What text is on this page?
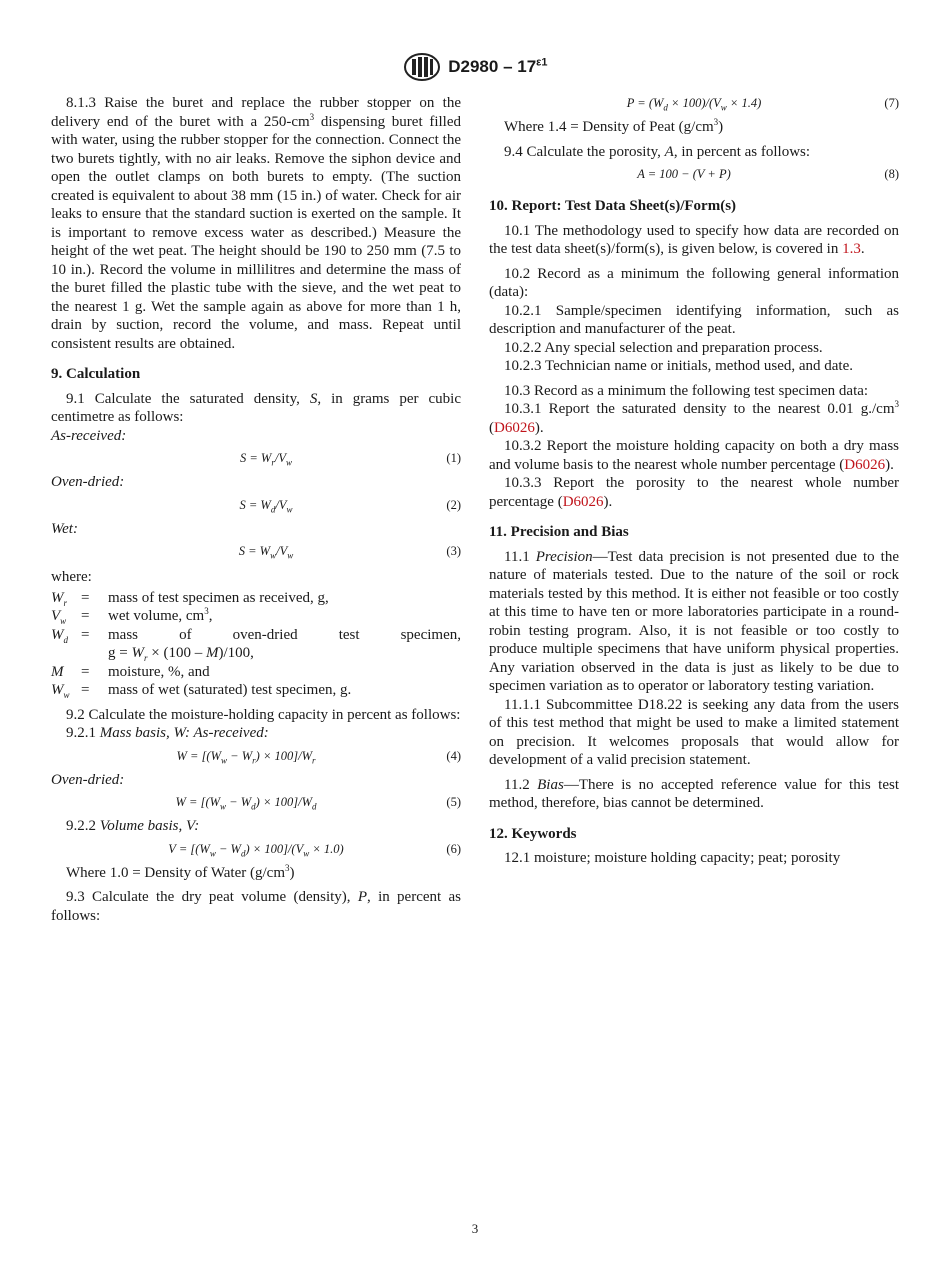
$D2980 - 17^{\varepsilon 1}$

8.1.3 Raise the buret and replace the rubber stopper on the delivery end of the buret with a $250-cm^3$ dispensing buret filled with water, using the rubber stopper for the connection. Connect the two burets tightly, with no air leaks. Remove the siphon device and open the outlet clamps on both burets to empty. (The suction created is equivalent to about 38 mm (15 in.) of water. Check for air leaks to ensure that the standard suction is exerted on the sample. It is important to remove excess water as described.) Measure the height of the wet peat. The height should be 190 to 250 mm (7.5 to 10 in.). Record the volume in millilitres and determine the mass of the buret filled the plastic tube with the sieve, and the wet peat to the nearest 1 g. Wet the sample again as above for more than 1 h, drain by suction, record the volume, and mass. Repeat until consistent results are obtained.

9. Calculation

9.1 Calculate the saturated density, S, in grams per cubic centimetre as follows:

As-received:

$S = W_r/V_w$	(1)

Oven-dried:

$S = W_d/V_w$	(2)

Wet:

$S = W_w/V_w$	(3)

where:

$W_r$	=	mass of test specimen as received, g,
$V_w$	=	wet volume, $cm^3$,
$W_d$	=	mass of oven-dried test specimen,
		$g = W_r \times (100 - M)/100$,
M	=	moisture, %, and
$W_w$	=	mass of wet (saturated) test specimen, g.

9.2 Calculate the moisture-holding capacity in percent as follows:

9.2.1 Mass basis, W: As-received:

$W = [(W_w - W_r) \times 100]/W_r$	(4)

Oven-dried:

$W = [(W_w - W_d) \times 100]/W_d$	(5)

9.2.2 Volume basis, V:

$V = [(W_w - W_d) \times 100]/(V_w \times 1.0)$	(6)

Where 1.0 = Density of Water $(g/cm^3)$

9.3 Calculate the dry peat volume (density), P, in percent as follows:

$P = (W_d \times 100)/(V_w \times 1.4)$	(7)

Where 1.4 = Density of Peat $(g/cm^3)$

9.4 Calculate the porosity, A, in percent as follows:

A = 100 − (V + P)	(8)
10. Report: Test Data Sheet(s)/Form(s)

10.1 The methodology used to specify how data are recorded on the test data sheet(s)/form(s), is given below, is covered in 1.3.

10.2 Record as a minimum the following general information (data):

10.2.1 Sample/specimen identifying information, such as description and manufacturer of the peat.

10.2.2 Any special selection and preparation process.

10.2.3 Technician name or initials, method used, and date.

10.3 Record as a minimum the following test specimen data:

10.3.1 Report the saturated density to the nearest 0.01 $g./cm^3$ (D6026).

10.3.2 Report the moisture holding capacity on both a dry mass and volume basis to the nearest whole number percentage (D6026).

10.3.3 Report the porosity to the nearest whole number percentage (D6026).

11. Precision and Bias

11.1 Precision—Test data precision is not presented due to the nature of materials tested. Due to the nature of the soil or rock materials tested by this method. It is either not feasible or too costly at this time to have ten or more laboratories participate in a round-robin testing program. Also, it is not feasible or too costly to produce multiple specimens that have uniform physical properties. Any variation observed in the data is just as likely to be due to specimen variation as to operator or laboratory testing variation.

11.1.1 Subcommittee D18.22 is seeking any data from the users of this test method that might be used to make a limited statement on precision. It welcomes proposals that would allow for development of a valid precision statement.

11.2 Bias—There is no accepted reference value for this test method, therefore, bias cannot be determined.

12. Keywords

12.1 moisture; moisture holding capacity; peat; porosity

3
